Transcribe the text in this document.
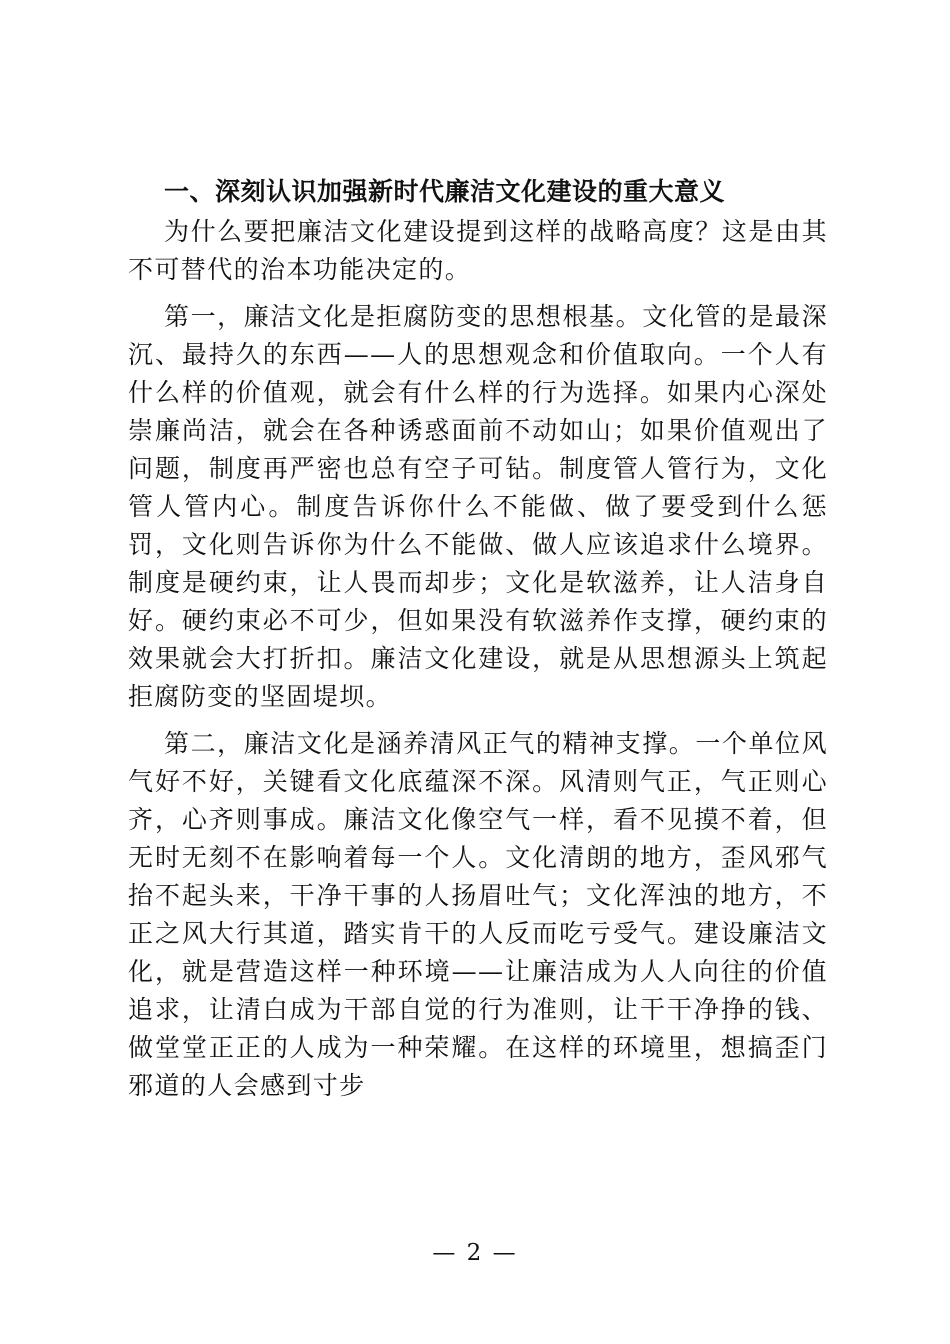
一、深刻认识加强新时代廉洁文化建设的重大意义

为什么要把廉洁文化建设提到这样的战略高度？这是由其不可替代的治本功能决定的。

第一，廉洁文化是拒腐防变的思想根基。文化管的是最深沉、最持久的东西——人的思想观念和价值取向。一个人有什么样的价值观，就会有什么样的行为选择。如果内心深处崇廉尚洁，就会在各种诱惑面前不动如山；如果价值观出了问题，制度再严密也总有空子可钻。制度管人管行为，文化管人管内心。制度告诉你什么不能做、做了要受到什么惩罚，文化则告诉你为什么不能做、做人应该追求什么境界。制度是硬约束，让人畏而却步；文化是软滋养，让人洁身自好。硬约束必不可少，但如果没有软滋养作支撑，硬约束的效果就会大打折扣。廉洁文化建设，就是从思想源头上筑起拒腐防变的坚固堤坝。

第二，廉洁文化是涵养清风正气的精神支撑。一个单位风气好不好，关键看文化底蕴深不深。风清则气正，气正则心齐，心齐则事成。廉洁文化像空气一样，看不见摸不着，但无时无刻不在影响着每一个人。文化清朗的地方，歪风邪气抬不起头来，干净干事的人扬眉吐气；文化浑浊的地方，不正之风大行其道，踏实肯干的人反而吃亏受气。建设廉洁文化，就是营造这样一种环境——让廉洁成为人人向往的价值追求，让清白成为干部自觉的行为准则，让干干净挣的钱、做堂堂正正的人成为一种荣耀。在这样的环境里，想搞歪门邪道的人会感到寸步

— 2 —
